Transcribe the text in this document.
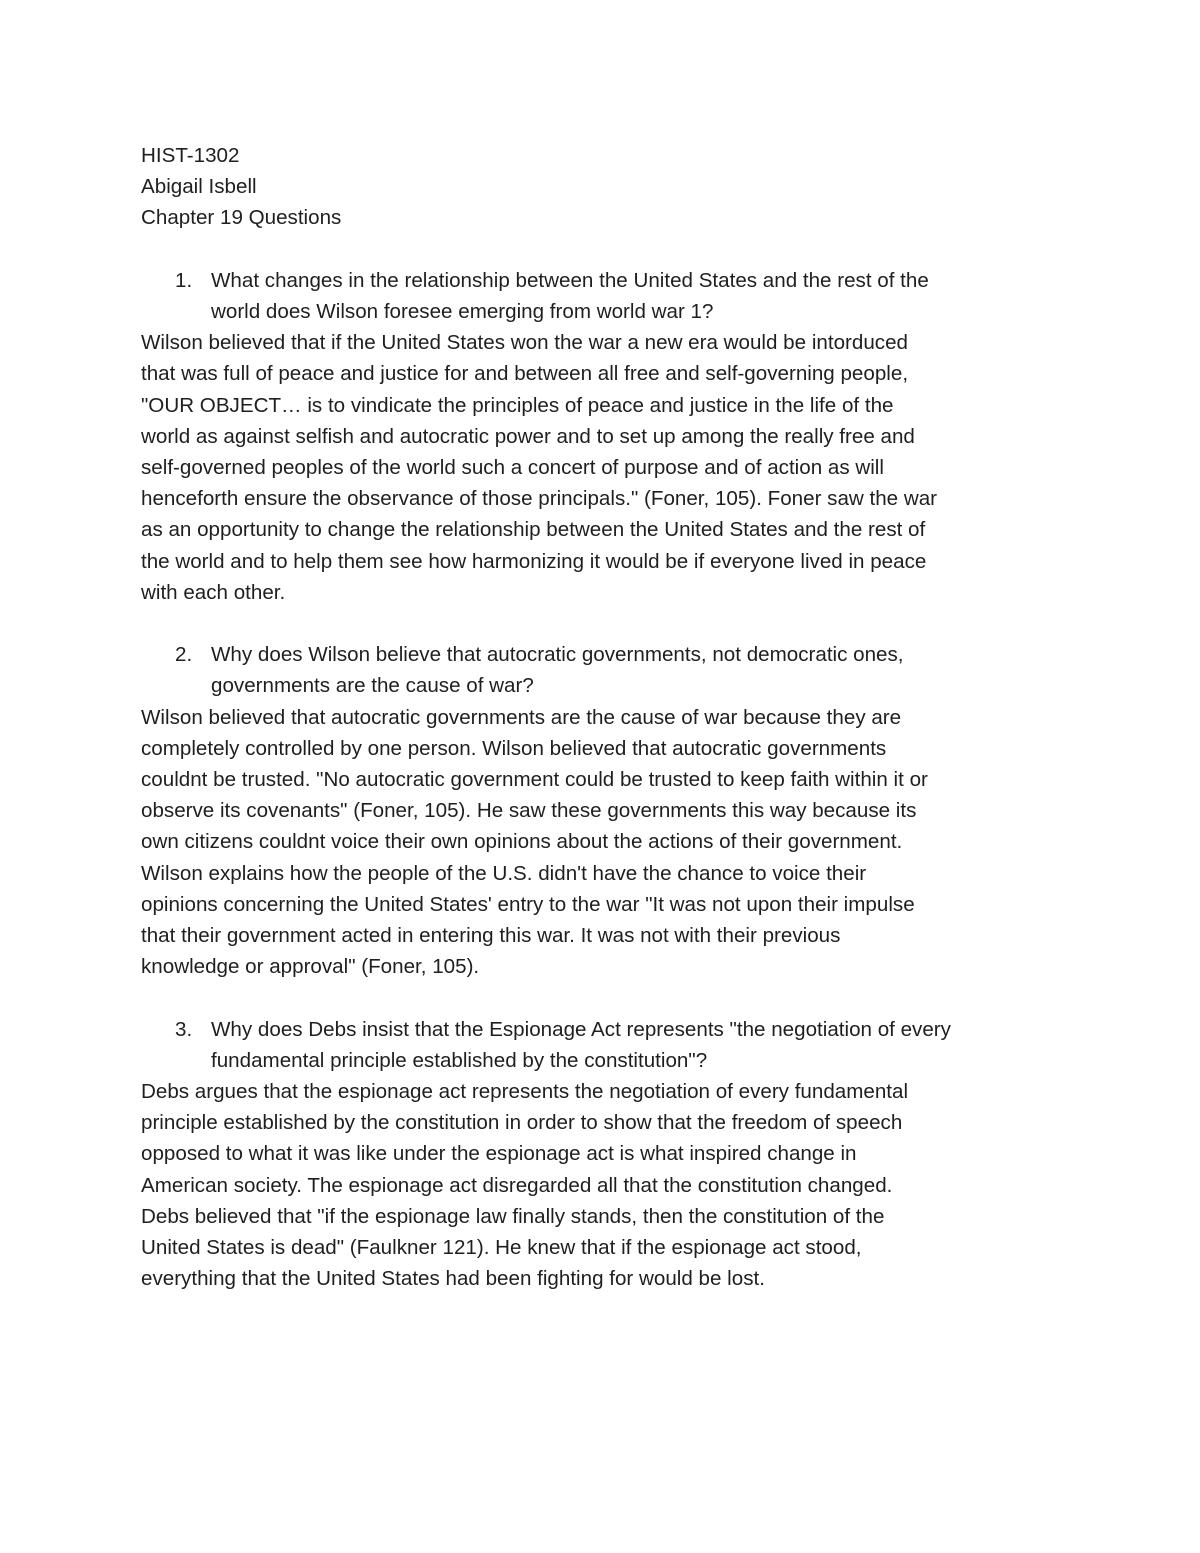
HIST-1302
Abigail Isbell
Chapter 19 Questions
1. What changes in the relationship between the United States and the rest of the
world does Wilson foresee emerging from world war 1?
Wilson believed that if the United States won the war a new era would be intorduced
that was full of peace and justice for and between all free and self-governing people,
"OUR OBJECT… is to vindicate the principles of peace and justice in the life of the
world as against selfish and autocratic power and to set up among the really free and
self-governed peoples of the world such a concert of purpose and of action as will
henceforth ensure the observance of those principals." (Foner, 105). Foner saw the war
as an opportunity to change the relationship between the United States and the rest of
the world and to help them see how harmonizing it would be if everyone lived in peace
with each other.
2. Why does Wilson believe that autocratic governments, not democratic ones,
governments are the cause of war?
Wilson believed that autocratic governments are the cause of war because they are
completely controlled by one person. Wilson believed that autocratic governments
couldnt be trusted. "No autocratic government could be trusted to keep faith within it or
observe its covenants" (Foner, 105). He saw these governments this way because its
own citizens couldnt voice their own opinions about the actions of their government.
Wilson explains how the people of the U.S. didn't have the chance to voice their
opinions concerning the United States' entry to the war "It was not upon their impulse
that their government acted in entering this war. It was not with their previous
knowledge or approval" (Foner, 105).
3. Why does Debs insist that the Espionage Act represents "the negotiation of every
fundamental principle established by the constitution"?
Debs argues that the espionage act represents the negotiation of every fundamental
principle established by the constitution in order to show that the freedom of speech
opposed to what it was like under the espionage act is what inspired change in
American society. The espionage act disregarded all that the constitution changed.
Debs believed that "if the espionage law finally stands, then the constitution of the
United States is dead" (Faulkner 121). He knew that if the espionage act stood,
everything that the United States had been fighting for would be lost.
